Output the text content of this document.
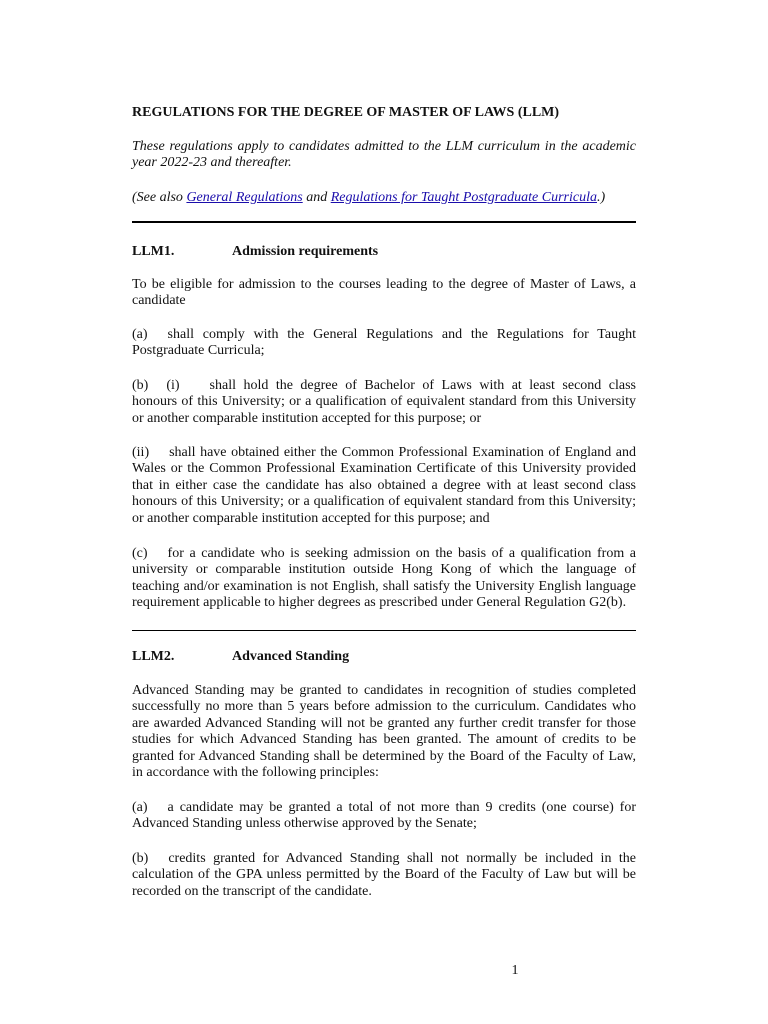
REGULATIONS FOR THE DEGREE OF MASTER OF LAWS (LLM)
These regulations apply to candidates admitted to the LLM curriculum in the academic year 2022-23 and thereafter.
(See also General Regulations and Regulations for Taught Postgraduate Curricula.)
LLM1.	Admission requirements
To be eligible for admission to the courses leading to the degree of Master of Laws, a candidate
(a) shall comply with the General Regulations and the Regulations for Taught Postgraduate Curricula;
(b) (i) shall hold the degree of Bachelor of Laws with at least second class honours of this University; or a qualification of equivalent standard from this University or another comparable institution accepted for this purpose; or
(ii) shall have obtained either the Common Professional Examination of England and Wales or the Common Professional Examination Certificate of this University provided that in either case the candidate has also obtained a degree with at least second class honours of this University; or a qualification of equivalent standard from this University; or another comparable institution accepted for this purpose; and
(c) for a candidate who is seeking admission on the basis of a qualification from a university or comparable institution outside Hong Kong of which the language of teaching and/or examination is not English, shall satisfy the University English language requirement applicable to higher degrees as prescribed under General Regulation G2(b).
LLM2.	Advanced Standing
Advanced Standing may be granted to candidates in recognition of studies completed successfully no more than 5 years before admission to the curriculum. Candidates who are awarded Advanced Standing will not be granted any further credit transfer for those studies for which Advanced Standing has been granted. The amount of credits to be granted for Advanced Standing shall be determined by the Board of the Faculty of Law, in accordance with the following principles:
(a) a candidate may be granted a total of not more than 9 credits (one course) for Advanced Standing unless otherwise approved by the Senate;
(b) credits granted for Advanced Standing shall not normally be included in the calculation of the GPA unless permitted by the Board of the Faculty of Law but will be recorded on the transcript of the candidate.
1
